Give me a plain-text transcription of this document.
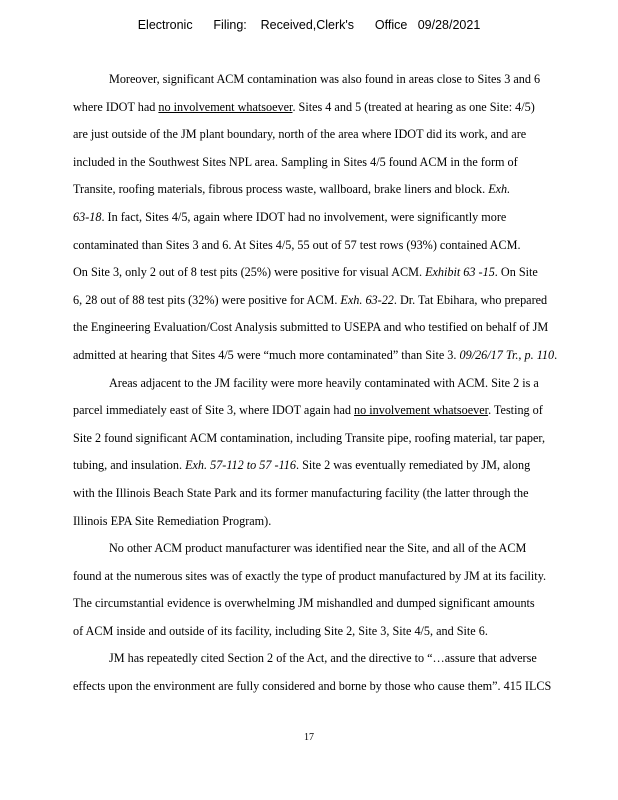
Electronic      Filing:    Received,Clerk's      Office   09/28/2021
Moreover, significant ACM contamination was also found in areas close to Sites 3 and 6
where IDOT had no involvement whatsoever. Sites 4 and 5 (treated at hearing as one Site: 4/5)
are just outside of the JM plant boundary, north of the area where IDOT did its work, and are
included in the Southwest Sites NPL area. Sampling in Sites 4/5 found ACM in the form of
Transite, roofing materials, fibrous process waste, wallboard, brake liners and block. Exh.
63-18. In fact, Sites 4/5, again where IDOT had no involvement, were significantly more
contaminated than Sites 3 and 6. At Sites 4/5, 55 out of 57 test rows (93%) contained ACM.
On Site 3, only 2 out of 8 test pits (25%) were positive for visual ACM. Exhibit 63 -15. On Site
6, 28 out of 88 test pits (32%) were positive for ACM. Exh. 63-22. Dr. Tat Ebihara, who prepared
the Engineering Evaluation/Cost Analysis submitted to USEPA and who testified on behalf of JM
admitted at hearing that Sites 4/5 were “much more contaminated” than Site 3. 09/26/17 Tr., p. 110.
Areas adjacent to the JM facility were more heavily contaminated with ACM. Site 2 is a
parcel immediately east of Site 3, where IDOT again had no involvement whatsoever. Testing of
Site 2 found significant ACM contamination, including Transite pipe, roofing material, tar paper,
tubing, and insulation. Exh. 57-112 to 57 -116. Site 2 was eventually remediated by JM, along
with the Illinois Beach State Park and its former manufacturing facility (the latter through the
Illinois EPA Site Remediation Program).
No other ACM product manufacturer was identified near the Site, and all of the ACM
found at the numerous sites was of exactly the type of product manufactured by JM at its facility.
The circumstantial evidence is overwhelming JM mishandled and dumped significant amounts
of ACM inside and outside of its facility, including Site 2, Site 3, Site 4/5, and Site 6.
JM has repeatedly cited Section 2 of the Act, and the directive to “…assure that adverse
effects upon the environment are fully considered and borne by those who cause them”. 415 ILCS
17
